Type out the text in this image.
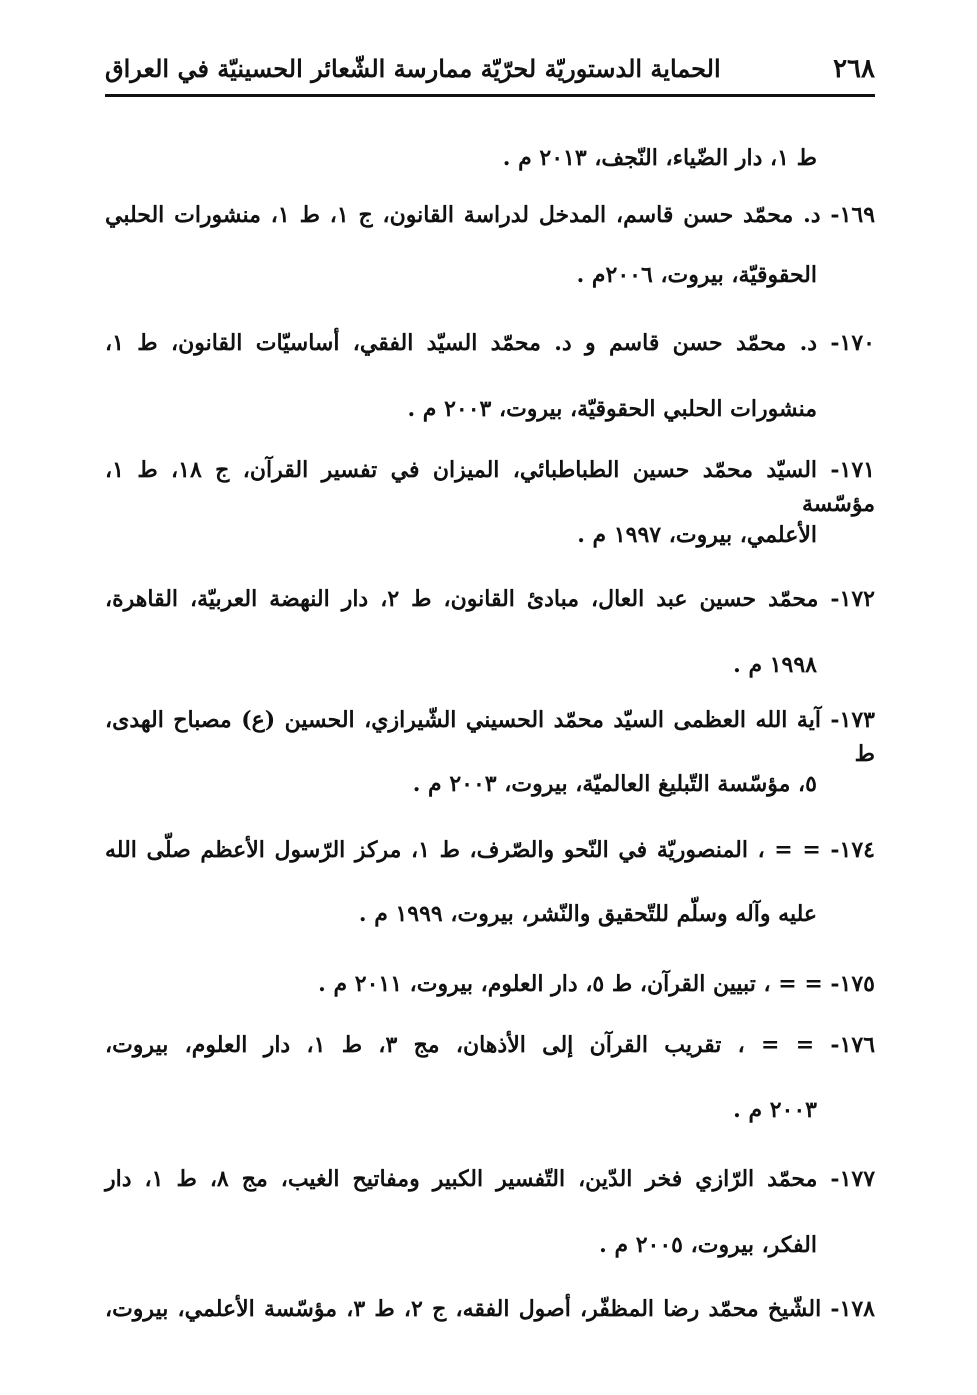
٢٦٨
الحماية الدستوريّة لحرّيّة ممارسة الشّعائر الحسينيّة في العراق
ط ١، دار الضّياء، النّجف، ٢٠١٣ م .
١٦٩- د. محمّد حسن قاسم، المدخل لدراسة القانون، ج ١، ط ١، منشورات الحلبي
الحقوقيّة، بيروت، ٢٠٠٦م .
١٧٠- د. محمّد حسن قاسم و د. محمّد السيّد الفقي، أساسيّات القانون، ط ١،
منشورات الحلبي الحقوقيّة، بيروت، ٢٠٠٣ م .
١٧١- السيّد محمّد حسين الطباطبائي، الميزان في تفسير القرآن، ج ١٨، ط ١، مؤسّسة
الأعلمي، بيروت، ١٩٩٧ م .
١٧٢- محمّد حسين عبد العال، مبادئ القانون، ط ٢، دار النهضة العربيّة، القاهرة،
١٩٩٨ م .
١٧٣- آية الله العظمى السيّد محمّد الحسيني الشّيرازي، الحسين (ع) مصباح الهدى، ط
٥، مؤسّسة التّبليغ العالميّة، بيروت، ٢٠٠٣ م .
١٧٤- = = ، المنصوريّة في النّحو والصّرف، ط ١، مركز الرّسول الأعظم صلّى الله
عليه وآله وسلّم للتّحقيق والنّشر، بيروت، ١٩٩٩ م .
١٧٥- = = ، تبيين القرآن، ط ٥، دار العلوم، بيروت، ٢٠١١ م .
١٧٦- = = ، تقريب القرآن إلى الأذهان، مج ٣، ط ١، دار العلوم، بيروت،
٢٠٠٣ م .
١٧٧- محمّد الرّازي فخر الدّين، التّفسير الكبير ومفاتيح الغيب، مج ٨، ط ١، دار
الفكر، بيروت، ٢٠٠٥ م .
١٧٨- الشّيخ محمّد رضا المظفّر، أصول الفقه، ج ٢، ط ٣، مؤسّسة الأعلمي، بيروت،
